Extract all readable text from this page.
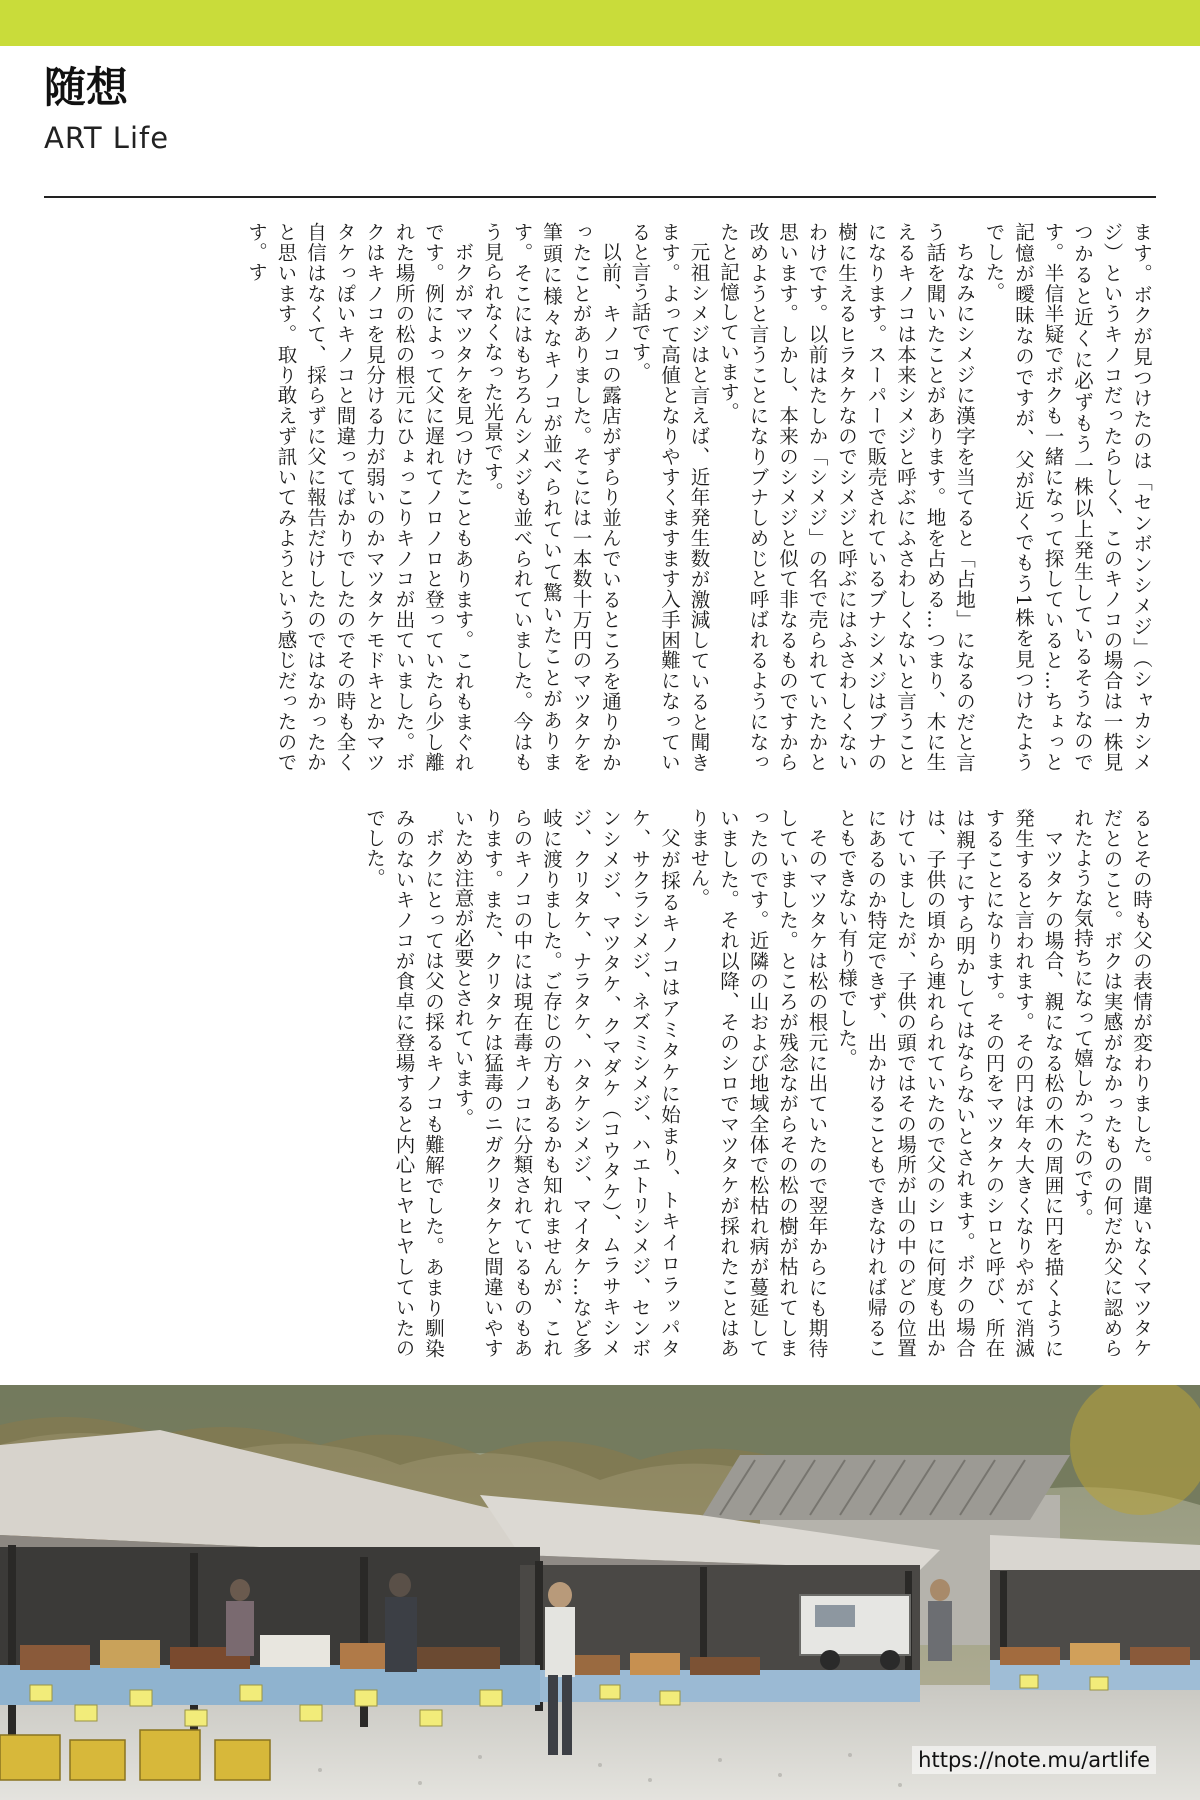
随想
ART Life

ます。ボクが見つけたのは「センボンシメジ」（シャカシメジ）というキノコだったらしく、このキノコの場合は一株見つかると近くに必ずもう一株以上発生しているそうなのです。半信半疑でボクも一緒になって探していると…ちょっと記憶が曖昧なのですが、父が近くでもう1株を見つけたようでした。

ちなみにシメジに漢字を当てると「占地」になるのだと言う話を聞いたことがあります。地を占める…つまり、木に生えるキノコは本来シメジと呼ぶにふさわしくないと言うことになります。スーパーで販売されているブナシメジはブナの樹に生えるヒラタケなのでシメジと呼ぶにはふさわしくないわけです。以前はたしか「シメジ」の名で売られていたかと思います。しかし、本来のシメジと似て非なるものですから改めようと言うことになりブナしめじと呼ばれるようになったと記憶しています。

元祖シメジはと言えば、近年発生数が激減していると聞きます。よって高値となりやすくますます入手困難になっていると言う話です。

以前、キノコの露店がずらり並んでいるところを通りかかったことがありました。そこには一本数十万円のマツタケを筆頭に様々なキノコが並べられていて驚いたことがあります。そこにはもちろんシメジも並べられていました。今はもう見られなくなった光景です。

ボクがマツタケを見つけたこともあります。これもまぐれです。例によって父に遅れてノロノロと登っていたら少し離れた場所の松の根元にひょっこりキノコが出ていました。ボクはキノコを見分ける力が弱いのかマツタケモドキとかマツタケっぽいキノコと間違ってばかりでしたのでその時も全く自信はなくて、採らずに父に報告だけしたのではなかったかと思います。取り敢えず訊いてみようという感じだったのです。す

るとその時も父の表情が変わりました。間違いなくマツタケだとのこと。ボクは実感がなかったものの何だか父に認められたような気持ちになって嬉しかったのです。

マツタケの場合、親になる松の木の周囲に円を描くように発生すると言われます。その円は年々大きくなりやがて消滅することになります。その円をマツタケのシロと呼び、所在は親子にすら明かしてはならないとされます。ボクの場合は、子供の頃から連れられていたので父のシロに何度も出かけていましたが、子供の頭ではその場所が山の中のどの位置にあるのか特定できず、出かけることもできなければ帰ることもできない有り様でした。

そのマツタケは松の根元に出ていたので翌年からにも期待していました。ところが残念ながらその松の樹が枯れてしまったのです。近隣の山および地域全体で松枯れ病が蔓延していました。それ以降、そのシロでマツタケが採れたことはありません。

父が採るキノコはアミタケに始まり、トキイロラッパタケ、サクラシメジ、ネズミシメジ、ハエトリシメジ、センボンシメジ、マツタケ、クマダケ（コウタケ）、ムラサキシメジ、クリタケ、ナラタケ、ハタケシメジ、マイタケ…など多岐に渡りました。ご存じの方もあるかも知れませんが、これらのキノコの中には現在毒キノコに分類されているものもあります。また、クリタケは猛毒のニガクリタケと間違いやすいため注意が必要とされています。

ボクにとっては父の採るキノコも難解でした。あまり馴染みのないキノコが食卓に登場すると内心ヒヤヒヤしていたのでした。

https://note.mu/artlife
